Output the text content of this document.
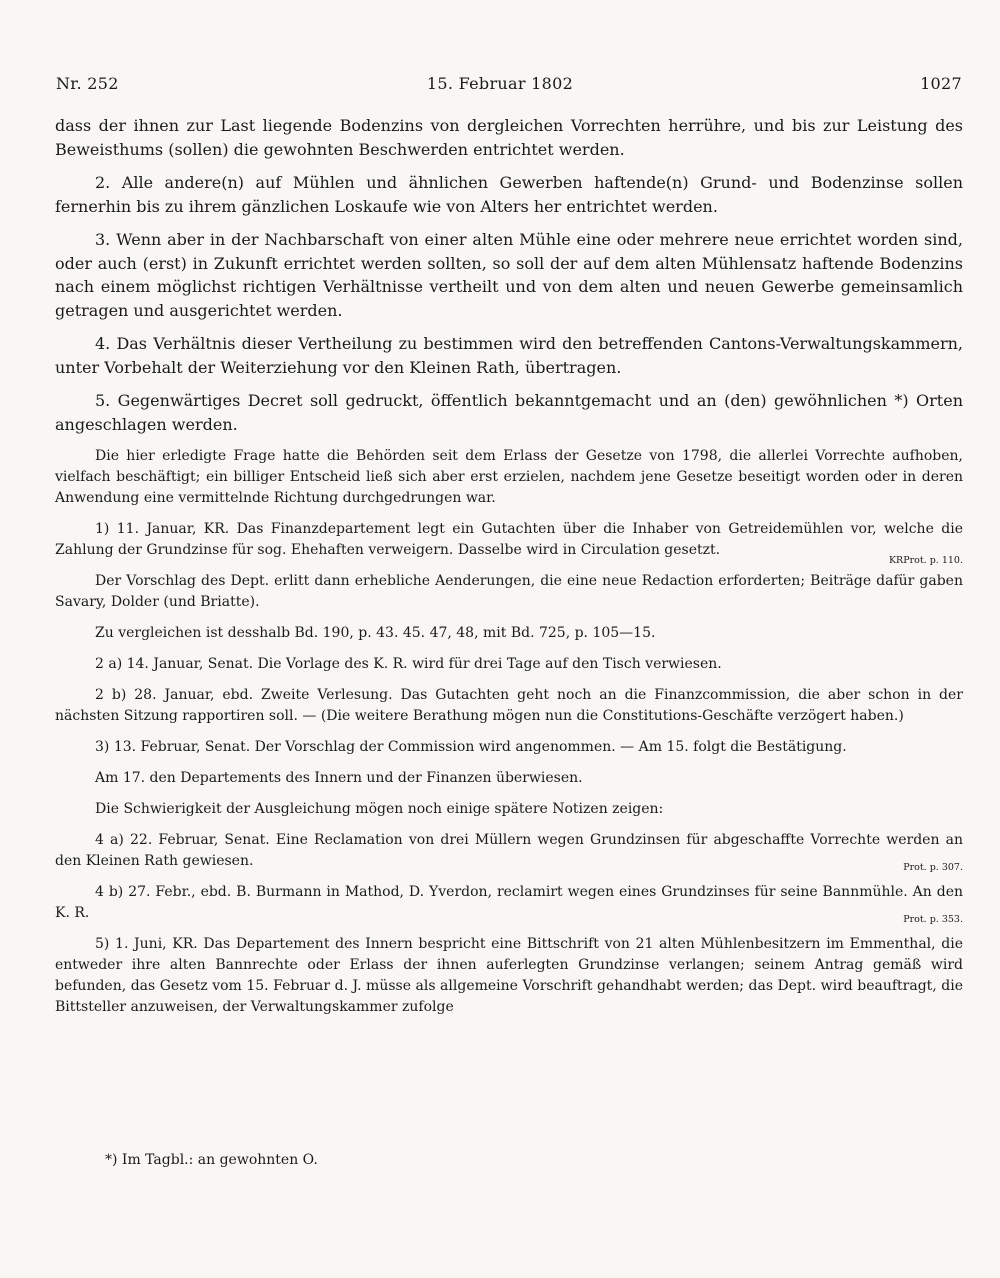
Nr. 252	15. Februar 1802	1027

dass der ihnen zur Last liegende Bodenzins von dergleichen Vorrechten herrühre, und bis zur Leistung des Beweisthums (sollen) die gewohnten Beschwerden entrichtet werden.

2. Alle andere(n) auf Mühlen und ähnlichen Gewerben haftende(n) Grund- und Bodenzinse sollen fernerhin bis zu ihrem gänzlichen Loskaufe wie von Alters her entrichtet werden.

3. Wenn aber in der Nachbarschaft von einer alten Mühle eine oder mehrere neue errichtet worden sind, oder auch (erst) in Zukunft errichtet werden sollten, so soll der auf dem alten Mühlensatz haftende Bodenzins nach einem möglichst richtigen Verhältnisse vertheilt und von dem alten und neuen Gewerbe gemeinsamlich getragen und ausgerichtet werden.

4. Das Verhältnis dieser Vertheilung zu bestimmen wird den betreffenden Cantons-Verwaltungskammern, unter Vorbehalt der Weiterziehung vor den Kleinen Rath, übertragen.

5. Gegenwärtiges Decret soll gedruckt, öffentlich bekanntgemacht und an (den) gewöhnlichen *) Orten angeschlagen werden.

Die hier erledigte Frage hatte die Behörden seit dem Erlass der Gesetze von 1798, die allerlei Vorrechte aufhoben, vielfach beschäftigt; ein billiger Entscheid ließ sich aber erst erzielen, nachdem jene Gesetze beseitigt worden oder in deren Anwendung eine vermittelnde Richtung durchgedrungen war.

1) 11. Januar, KR. Das Finanzdepartement legt ein Gutachten über die Inhaber von Getreidemühlen vor, welche die Zahlung der Grundzinse für sog. Ehehaften verweigern. Dasselbe wird in Circulation gesetzt.

KRProt. p. 110.

Der Vorschlag des Dept. erlitt dann erhebliche Aenderungen, die eine neue Redaction erforderten; Beiträge dafür gaben Savary, Dolder (und Briatte).

Zu vergleichen ist desshalb Bd. 190, p. 43. 45. 47, 48, mit Bd. 725, p. 105—15.

2 a) 14. Januar, Senat. Die Vorlage des K. R. wird für drei Tage auf den Tisch verwiesen.

2 b) 28. Januar, ebd. Zweite Verlesung. Das Gutachten geht noch an die Finanzcommission, die aber schon in der nächsten Sitzung rapportiren soll. — (Die weitere Berathung mögen nun die Constitutions-Geschäfte verzögert haben.)

3) 13. Februar, Senat. Der Vorschlag der Commission wird angenommen. — Am 15. folgt die Bestätigung.

Am 17. den Departements des Innern und der Finanzen überwiesen.

Die Schwierigkeit der Ausgleichung mögen noch einige spätere Notizen zeigen:

4 a) 22. Februar, Senat. Eine Reclamation von drei Müllern wegen Grundzinsen für abgeschaffte Vorrechte werden an den Kleinen Rath gewiesen.	Prot. p. 307.

4 b) 27. Febr., ebd. B. Burmann in Mathod, D. Yverdon, reclamirt wegen eines Grundzinses für seine Bannmühle. An den K. R.	Prot. p. 353.

5) 1. Juni, KR. Das Departement des Innern bespricht eine Bittschrift von 21 alten Mühlenbesitzern im Emmenthal, die entweder ihre alten Bannrechte oder Erlass der ihnen auferlegten Grundzinse verlangen; seinem Antrag gemäß wird befunden, das Gesetz vom 15. Februar d. J. müsse als allgemeine Vorschrift gehandhabt werden; das Dept. wird beauftragt, die Bittsteller anzuweisen, der Verwaltungskammer zufolge

*) Im Tagbl.: an gewohnten O.
